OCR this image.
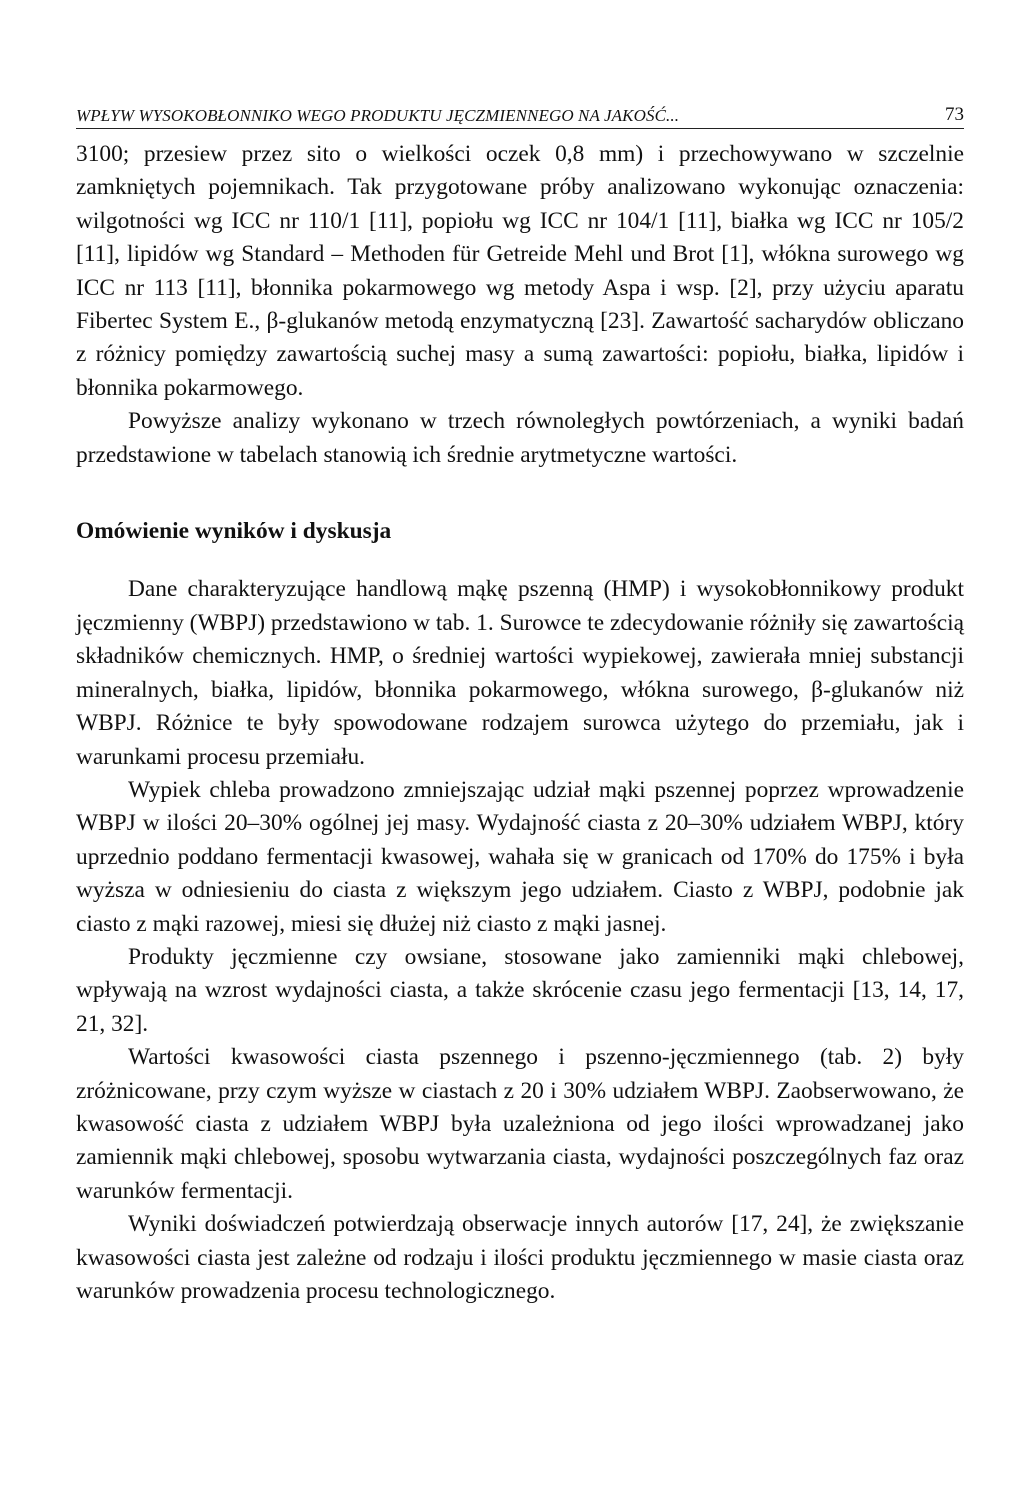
WPŁYW WYSOKOBŁONNIKO WEGO PRODUKTU JĘCZMIENNEGO NA JAKOŚĆ...	73

3100; przesiew przez sito o wielkości oczek 0,8 mm) i przechowywano w szczelnie zamkniętych pojemnikach. Tak przygotowane próby analizowano wykonując oznaczenia: wilgotności wg ICC nr 110/1 [11], popiołu wg ICC nr 104/1 [11], białka wg ICC nr 105/2 [11], lipidów wg Standard – Methoden für Getreide Mehl und Brot [1], włókna surowego wg ICC nr 113 [11], błonnika pokarmowego wg metody Aspa i wsp. [2], przy użyciu aparatu Fibertec System E., β-glukanów metodą enzymatyczną [23]. Zawartość sacharydów obliczano z różnicy pomiędzy zawartością suchej masy a sumą zawartości: popiołu, białka, lipidów i błonnika pokarmowego.

Powyższe analizy wykonano w trzech równoległych powtórzeniach, a wyniki badań przedstawione w tabelach stanowią ich średnie arytmetyczne wartości.

Omówienie wyników i dyskusja

Dane charakteryzujące handlową mąkę pszenną (HMP) i wysokobłonnikowy produkt jęczmienny (WBPJ) przedstawiono w tab. 1. Surowce te zdecydowanie różniły się zawartością składników chemicznych. HMP, o średniej wartości wypiekowej, zawierała mniej substancji mineralnych, białka, lipidów, błonnika pokarmowego, włókna surowego, β-glukanów niż WBPJ. Różnice te były spowodowane rodzajem surowca użytego do przemiału, jak i warunkami procesu przemiału.

Wypiek chleba prowadzono zmniejszając udział mąki pszennej poprzez wprowadzenie WBPJ w ilości 20–30% ogólnej jej masy. Wydajność ciasta z 20–30% udziałem WBPJ, który uprzednio poddano fermentacji kwasowej, wahała się w granicach od 170% do 175% i była wyższa w odniesieniu do ciasta z większym jego udziałem. Ciasto z WBPJ, podobnie jak ciasto z mąki razowej, miesi się dłużej niż ciasto z mąki jasnej.

Produkty jęczmienne czy owsiane, stosowane jako zamienniki mąki chlebowej, wpływają na wzrost wydajności ciasta, a także skrócenie czasu jego fermentacji [13, 14, 17, 21, 32].

Wartości kwasowości ciasta pszennego i pszenno-jęczmiennego (tab. 2) były zróżnicowane, przy czym wyższe w ciastach z 20 i 30% udziałem WBPJ. Zaobserwowano, że kwasowość ciasta z udziałem WBPJ była uzależniona od jego ilości wprowadzanej jako zamiennik mąki chlebowej, sposobu wytwarzania ciasta, wydajności poszczególnych faz oraz warunków fermentacji.

Wyniki doświadczeń potwierdzają obserwacje innych autorów [17, 24], że zwiększanie kwasowości ciasta jest zależne od rodzaju i ilości produktu jęczmiennego w masie ciasta oraz warunków prowadzenia procesu technologicznego.
